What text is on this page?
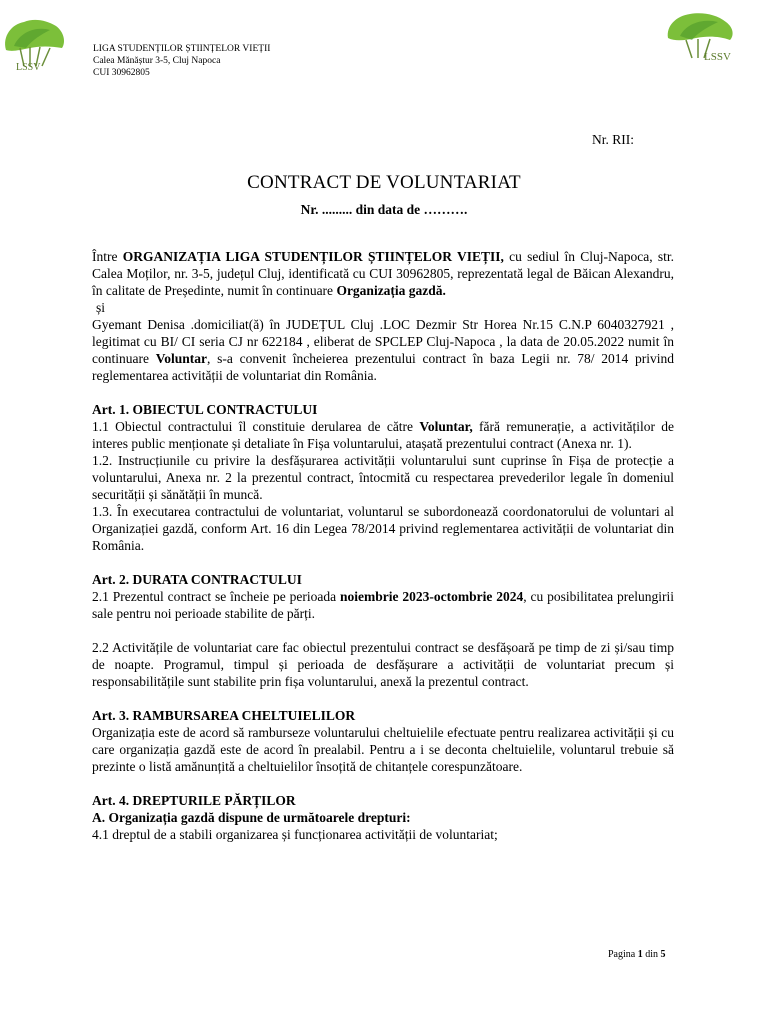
LSSV
LSSV
LIGA STUDENȚILOR ȘTIINȚELOR VIEȚII
Calea Mănăștur 3-5, Cluj Napoca
CUI 30962805
Nr. RII:
CONTRACT DE VOLUNTARIAT
Nr. ......... din data de ……….

Între ORGANIZAȚIA LIGA STUDENȚILOR ȘTIINȚELOR VIEȚII, cu sediul în Cluj-Napoca, str. Calea Moților, nr. 3-5, județul Cluj, identificată cu CUI 30962805, reprezentată legal de Băican Alexandru, în calitate de Președinte, numit în continuare Organizația gazdă.

și

Gyemant Denisa .domiciliat(ă) în JUDEȚUL Cluj .LOC Dezmir Str Horea Nr.15 C.N.P 6040327921 , legitimat cu BI/ CI seria CJ nr 622184 , eliberat de SPCLEP Cluj-Napoca , la data de 20.05.2022 numit în continuare Voluntar, s-a convenit încheierea prezentului contract în baza Legii nr. 78/ 2014 privind reglementarea activității de voluntariat din România.

Art. 1. OBIECTUL CONTRACTULUI

1.1 Obiectul contractului îl constituie derularea de către Voluntar, fără remunerație, a activităților de interes public menționate și detaliate în Fișa voluntarului, atașată prezentului contract (Anexa nr. 1).

1.2. Instrucțiunile cu privire la desfășurarea activității voluntarului sunt cuprinse în Fișa de protecție a voluntarului, Anexa nr. 2 la prezentul contract, întocmită cu respectarea prevederilor legale în domeniul securității și sănătății în muncă.

1.3. În executarea contractului de voluntariat, voluntarul se subordonează coordonatorului de voluntari al Organizației gazdă, conform Art. 16 din Legea 78/2014 privind reglementarea activității de voluntariat din România.

Art. 2. DURATA CONTRACTULUI

2.1 Prezentul contract se încheie pe perioada noiembrie 2023-octombrie 2024, cu posibilitatea prelungirii sale pentru noi perioade stabilite de părți.

2.2 Activitățile de voluntariat care fac obiectul prezentului contract se desfășoară pe timp de zi și/sau timp de noapte. Programul, timpul și perioada de desfășurare a activității de voluntariat precum și responsabilitățile sunt stabilite prin fișa voluntarului, anexă la prezentul contract.

Art. 3. RAMBURSAREA CHELTUIELILOR

Organizația este de acord să ramburseze voluntarului cheltuielile efectuate pentru realizarea activității și cu care organizația gazdă este de acord în prealabil. Pentru a i se deconta cheltuielile, voluntarul trebuie să prezinte o listă amănunțită a cheltuielilor însoțită de chitanțele corespunzătoare.

Art. 4. DREPTURILE PĂRȚILOR

A. Organizația gazdă dispune de următoarele drepturi:

4.1 dreptul de a stabili organizarea și funcționarea activității de voluntariat;

Pagina 1 din 5
